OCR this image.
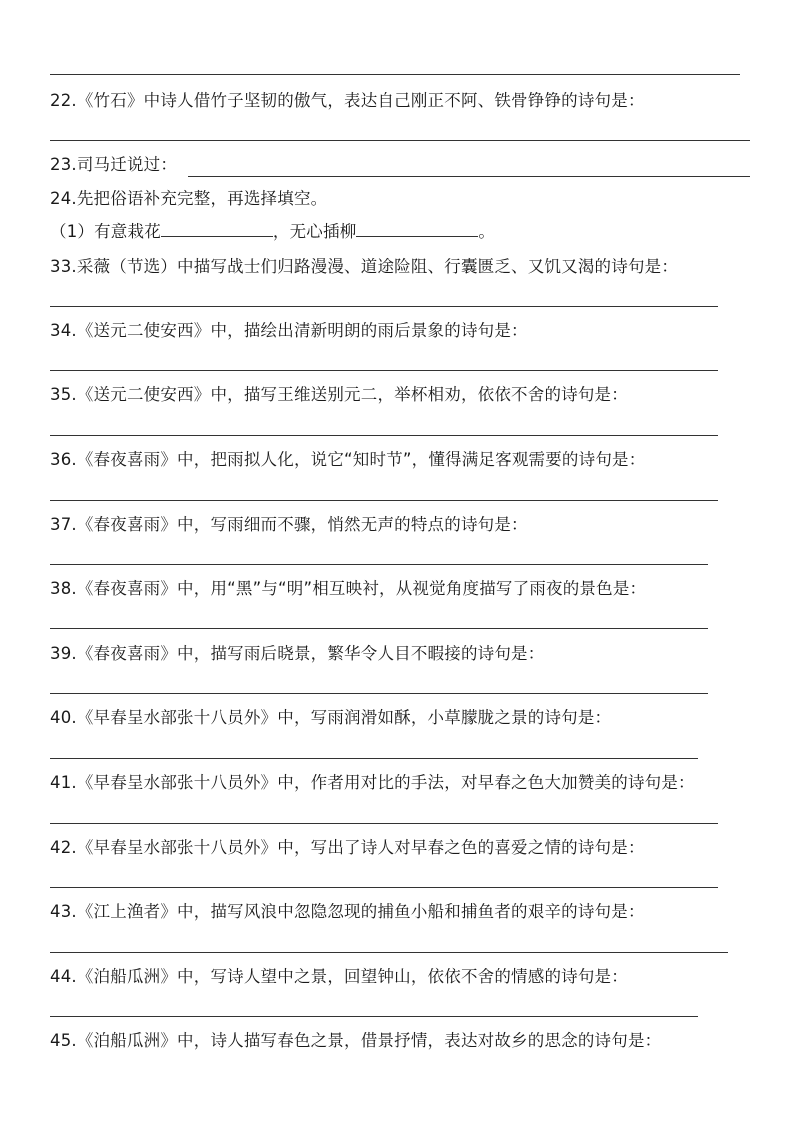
22.《竹石》中诗人借竹子坚韧的傲气，表达自己刚正不阿、铁骨铮铮的诗句是：
23.司马迁说过：
24.先把俗语补充完整，再选择填空。
（1）有意栽花	，无心插柳	。
33.采薇（节选）中描写战士们归路漫漫、道途险阻、行囊匮乏、又饥又渴的诗句是：
34.《送元二使安西》中，描绘出清新明朗的雨后景象的诗句是：
35.《送元二使安西》中，描写王维送别元二，举杯相劝，依依不舍的诗句是：
36.《春夜喜雨》中，把雨拟人化，说它“知时节”，懂得满足客观需要的诗句是：
37.《春夜喜雨》中，写雨细而不骤，悄然无声的特点的诗句是：
38.《春夜喜雨》中，用“黑”与“明”相互映衬，从视觉角度描写了雨夜的景色是：
39.《春夜喜雨》中，描写雨后晓景，繁华令人目不暇接的诗句是：
40.《早春呈水部张十八员外》中，写雨润滑如酥，小草朦胧之景的诗句是：
41.《早春呈水部张十八员外》中，作者用对比的手法，对早春之色大加赞美的诗句是：
42.《早春呈水部张十八员外》中，写出了诗人对早春之色的喜爱之情的诗句是：
43.《江上渔者》中，描写风浪中忽隐忽现的捕鱼小船和捕鱼者的艰辛的诗句是：
44.《泊船瓜洲》中，写诗人望中之景，回望钟山，依依不舍的情感的诗句是：
45.《泊船瓜洲》中，诗人描写春色之景，借景抒情，表达对故乡的思念的诗句是：
